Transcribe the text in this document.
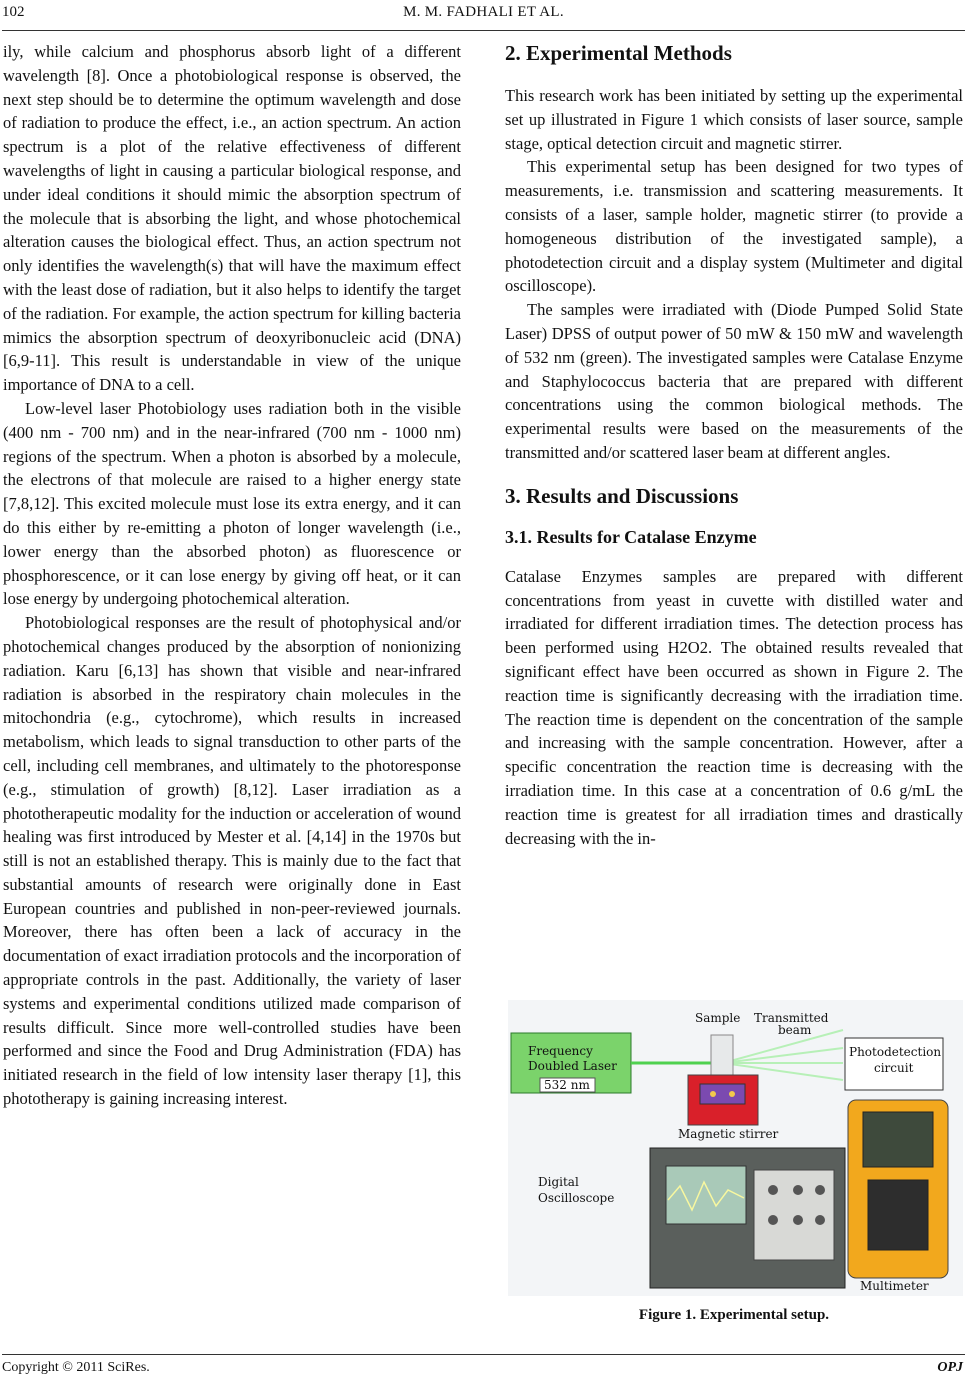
102	M. M. FADHALI ET AL.

ily, while calcium and phosphorus absorb light of a different wavelength [8]. Once a photobiological response is observed, the next step should be to determine the optimum wavelength and dose of radiation to produce the effect, i.e., an action spectrum. An action spectrum is a plot of the relative effectiveness of different wavelengths of light in causing a particular biological response, and under ideal conditions it should mimic the absorption spectrum of the molecule that is absorbing the light, and whose photochemical alteration causes the biological effect. Thus, an action spectrum not only identifies the wavelength(s) that will have the maximum effect with the least dose of radiation, but it also helps to identify the target of the radiation. For example, the action spectrum for killing bacteria mimics the absorption spectrum of deoxyribonucleic acid (DNA) [6,9-11]. This result is understandable in view of the unique importance of DNA to a cell.

Low-level laser Photobiology uses radiation both in the visible (400 nm - 700 nm) and in the near-infrared (700 nm - 1000 nm) regions of the spectrum. When a photon is absorbed by a molecule, the electrons of that molecule are raised to a higher energy state [7,8,12]. This excited molecule must lose its extra energy, and it can do this either by re-emitting a photon of longer wavelength (i.e., lower energy than the absorbed photon) as fluorescence or phosphorescence, or it can lose energy by giving off heat, or it can lose energy by undergoing photochemical alteration.

Photobiological responses are the result of photophysical and/or photochemical changes produced by the absorption of nonionizing radiation. Karu [6,13] has shown that visible and near-infrared radiation is absorbed in the respiratory chain molecules in the mitochondria (e.g., cytochrome), which results in increased metabolism, which leads to signal transduction to other parts of the cell, including cell membranes, and ultimately to the photoresponse (e.g., stimulation of growth) [8,12]. Laser irradiation as a phototherapeutic modality for the induction or acceleration of wound healing was first introduced by Mester et al. [4,14] in the 1970s but still is not an established therapy. This is mainly due to the fact that substantial amounts of research were originally done in East European countries and published in non-peer-reviewed journals. Moreover, there has often been a lack of accuracy in the documentation of exact irradiation protocols and the incorporation of appropriate controls in the past. Additionally, the variety of laser systems and experimental conditions utilized made comparison of results difficult. Since more well-controlled studies have been performed and since the Food and Drug Administration (FDA) has initiated research in the field of low intensity laser therapy [1], this phototherapy is gaining increasing interest.

2. Experimental Methods

This research work has been initiated by setting up the experimental set up illustrated in Figure 1 which consists of laser source, sample stage, optical detection circuit and magnetic stirrer.

This experimental setup has been designed for two types of measurements, i.e. transmission and scattering measurements. It consists of a laser, sample holder, magnetic stirrer (to provide a homogeneous distribution of the investigated sample), a photodetection circuit and a display system (Multimeter and digital oscilloscope).

The samples were irradiated with (Diode Pumped Solid State Laser) DPSS of output power of 50 mW & 150 mW and wavelength of 532 nm (green). The investigated samples were Catalase Enzyme and Staphylococcus bacteria that are prepared with different concentrations using the common biological methods. The experimental results were based on the measurements of the transmitted and/or scattered laser beam at different angles.

3. Results and Discussions
3.1. Results for Catalase Enzyme

Catalase Enzymes samples are prepared with different concentrations from yeast in cuvette with distilled water and irradiated for different irradiation times. The detection process has been performed using H2O2. The obtained results revealed that significant effect have been occurred as shown in Figure 2. The reaction time is significantly decreasing with the irradiation time. The reaction time is dependent on the concentration of the sample and increasing with the sample concentration. However, after a specific concentration the reaction time is decreasing with the irradiation time. In this case at a concentration of 0.6 g/mL the reaction time is greatest for all irradiation times and drastically decreasing with the in-

Frequency
Doubled Laser
532 nm
Sample Transmitted
beam
Magnetic stirrer
Photodetection
circuit
Digital
Oscilloscope
Multimeter
Figure 1. Experimental setup.
Copyright © 2011 SciRes.	OPJ
